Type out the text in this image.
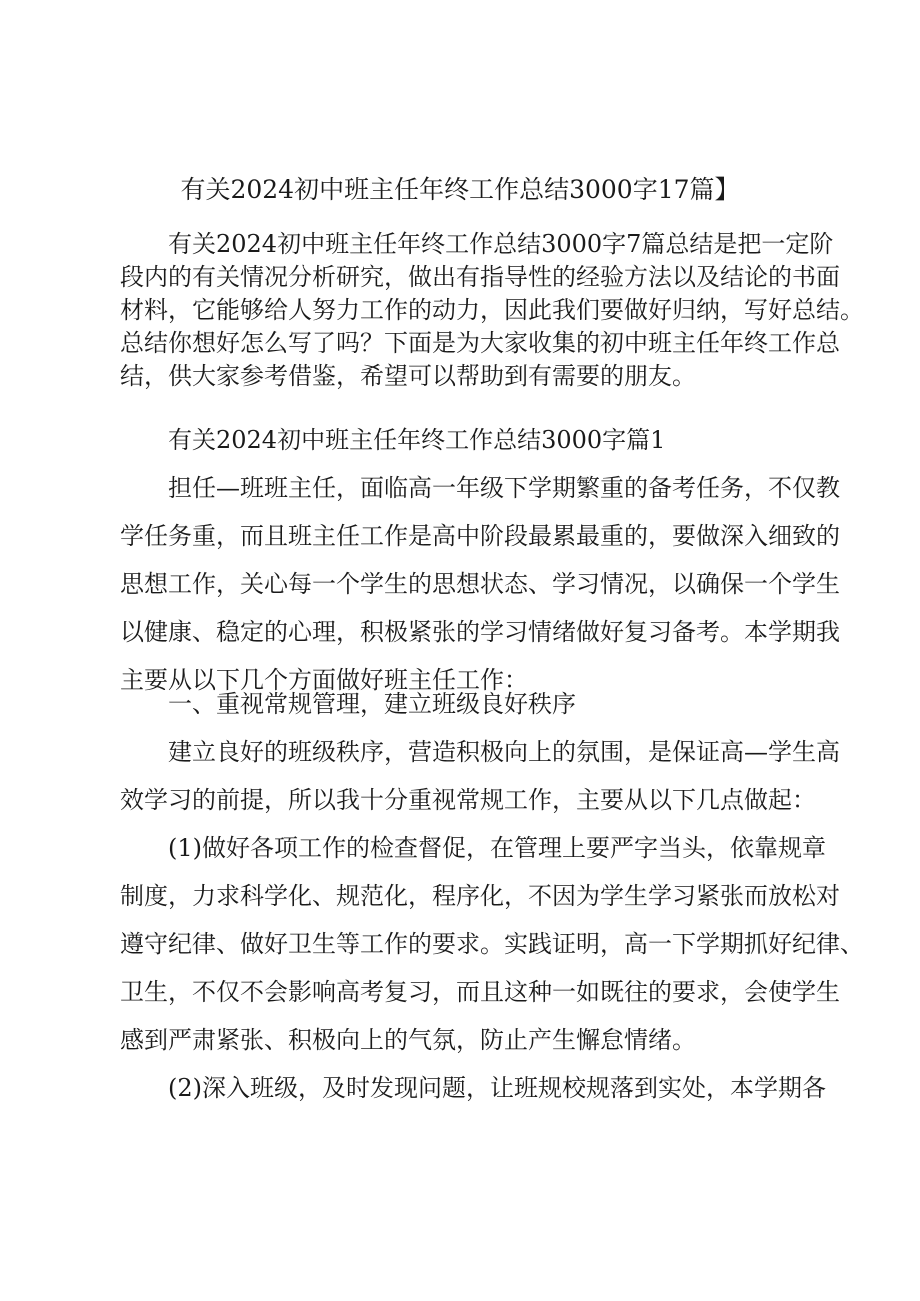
有关2024初中班主任年终工作总结3000字17篇】
有关2024初中班主任年终工作总结3000字7篇总结是把一定阶
段内的有关情况分析研究，做出有指导性的经验方法以及结论的书面
材料，它能够给人努力工作的动力，因此我们要做好归纳，写好总结。
总结你想好怎么写了吗？下面是为大家收集的初中班主任年终工作总
结，供大家参考借鉴，希望可以帮助到有需要的朋友。
有关2024初中班主任年终工作总结3000字篇1
担任—班班主任，面临高一年级下学期繁重的备考任务，不仅教
学任务重，而且班主任工作是高中阶段最累最重的，要做深入细致的
思想工作，关心每一个学生的思想状态、学习情况，以确保一个学生
以健康、稳定的心理，积极紧张的学习情绪做好复习备考。本学期我
主要从以下几个方面做好班主任工作：
一、重视常规管理，建立班级良好秩序
建立良好的班级秩序，营造积极向上的氛围，是保证高—学生高
效学习的前提，所以我十分重视常规工作，主要从以下几点做起：
(1)做好各项工作的检查督促，在管理上要严字当头，依靠规章
制度，力求科学化、规范化，程序化，不因为学生学习紧张而放松对
遵守纪律、做好卫生等工作的要求。实践证明，高一下学期抓好纪律、
卫生，不仅不会影响高考复习，而且这种一如既往的要求，会使学生
感到严肃紧张、积极向上的气氛，防止产生懈怠情绪。
(2)深入班级，及时发现问题，让班规校规落到实处，本学期各
